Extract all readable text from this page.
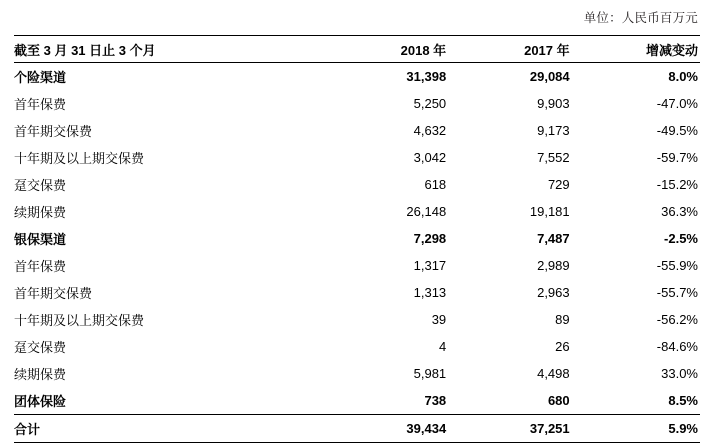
单位：人民币百万元
截至 3 月 31 日止 3 个月	2018 年	2017 年	增减变动
个险渠道	31,398	29,084	8.0%
首年保费	5,250	9,903	-47.0%
首年期交保费	4,632	9,173	-49.5%
十年期及以上期交保费	3,042	7,552	-59.7%
趸交保费	618	729	-15.2%
续期保费	26,148	19,181	36.3%
银保渠道	7,298	7,487	-2.5%
首年保费	1,317	2,989	-55.9%
首年期交保费	1,313	2,963	-55.7%
十年期及以上期交保费	39	89	-56.2%
趸交保费	4	26	-84.6%
续期保费	5,981	4,498	33.0%
团体保险	738	680	8.5%
合计	39,434	37,251	5.9%
